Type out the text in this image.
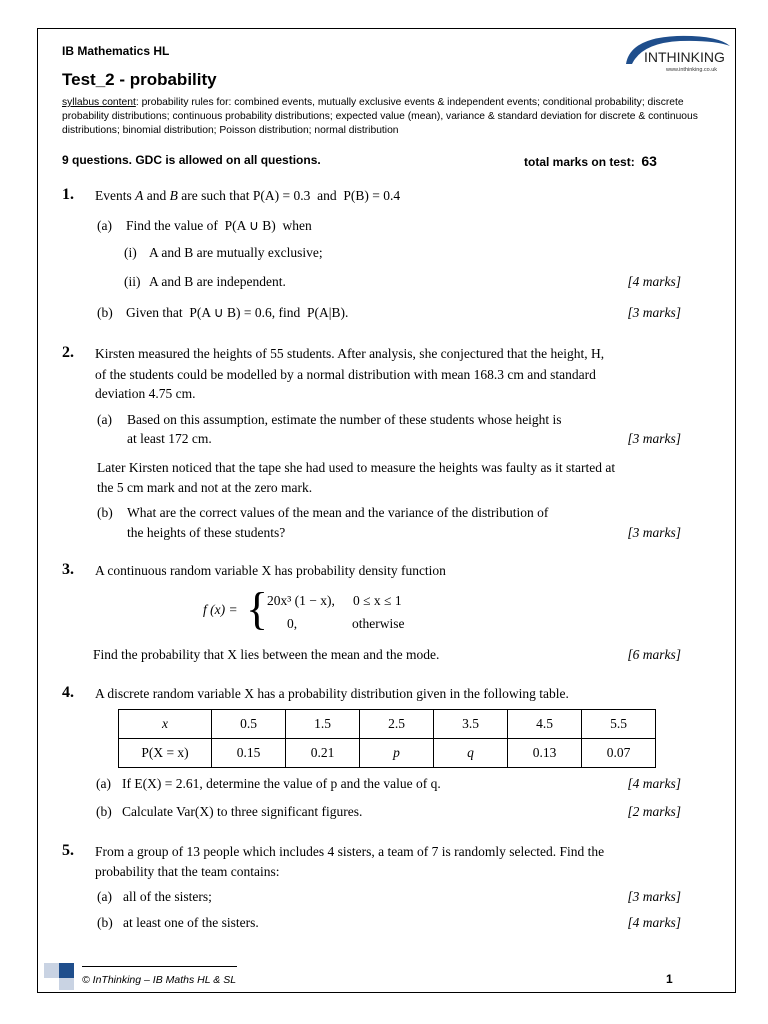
IB Mathematics HL
Test_2 - probability
syllabus content: probability rules for: combined events, mutually exclusive events & independent events; conditional probability; discrete probability distributions; continuous probability distributions; expected value (mean), variance & standard deviation for discrete & continuous distributions; binomial distribution; Poisson distribution; normal distribution
9 questions. GDC is allowed on all questions.	total marks on test: 63
INTHINKING
www.inthinking.co.uk
1. Events A and B are such that P(A) = 0.3 and P(B) = 0.4
(a) Find the value of P(A ∪ B) when
(i) A and B are mutually exclusive;
(ii) A and B are independent.	[4 marks]
(b) Given that P(A ∪ B) = 0.6, find P(A|B).	[3 marks]
2. Kirsten measured the heights of 55 students. After analysis, she conjectured that the height, H,
of the students could be modelled by a normal distribution with mean 168.3 cm and standard
deviation 4.75 cm.
(a) Based on this assumption, estimate the number of these students whose height is
at least 172 cm.	[3 marks]
Later Kirsten noticed that the tape she had used to measure the heights was faulty as it started at
the 5 cm mark and not at the zero mark.
(b) What are the correct values of the mean and the variance of the distribution of
the heights of these students?	[3 marks]
3. A continuous random variable X has probability density function
f (x) = {
20x³ (1 − x), 0 ≤ x ≤ 1
0,	otherwise
Find the probability that X lies between the mean and the mode.	[6 marks]
4. A discrete random variable X has a probability distribution given in the following table.
x	0.5	1.5	2.5	3.5	4.5	5.5
P(X = x)	0.15	0.21	p	q	0.13	0.07
(a) If E(X) = 2.61, determine the value of p and the value of q.	[4 marks]
(b) Calculate Var(X) to three significant figures.	[2 marks]
5. From a group of 13 people which includes 4 sisters, a team of 7 is randomly selected. Find the
probability that the team contains:
(a) all of the sisters;	[3 marks]
(b) at least one of the sisters.	[4 marks]
© InThinking – IB Maths HL & SL	1
